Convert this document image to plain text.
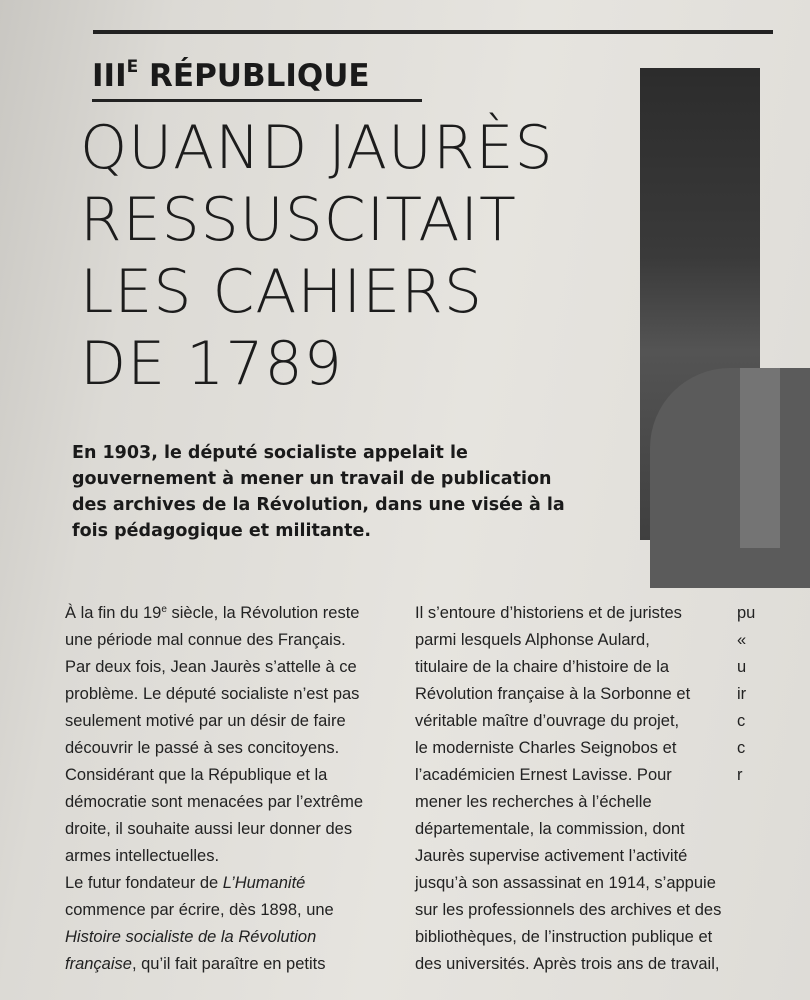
$III^E$ RÉPUBLIQUE
QUAND JAURÈS
RESSUSCITAIT
LES CAHIERS
DE 1789
En 1903, le député socialiste appelait le
gouvernement à mener un travail de publication
des archives de la Révolution, dans une visée à la
fois pédagogique et militante.
À la fin du 19e siècle, la Révolution reste
une période mal connue des Français.
Par deux fois, Jean Jaurès s’attelle à ce
problème. Le député socialiste n’est pas
seulement motivé par un désir de faire
découvrir le passé à ses concitoyens.
Considérant que la République et la
démocratie sont menacées par l’extrême
droite, il souhaite aussi leur donner des
armes intellectuelles.
Le futur fondateur de L’Humanité
commence par écrire, dès 1898, une
Histoire socialiste de la Révolution
française, qu’il fait paraître en petits
Il s’entoure d’historiens et de juristes
parmi lesquels Alphonse Aulard,
titulaire de la chaire d’histoire de la
Révolution française à la Sorbonne et
véritable maître d’ouvrage du projet,
le moderniste Charles Seignobos et
l’académicien Ernest Lavisse. Pour
mener les recherches à l’échelle
départementale, la commission, dont
Jaurès supervise activement l’activité
jusqu’à son assassinat en 1914, s’appuie
sur les professionnels des archives et des
bibliothèques, de l’instruction publique et
des universités. Après trois ans de travail,
pu
«
u
ir
c
c
r
